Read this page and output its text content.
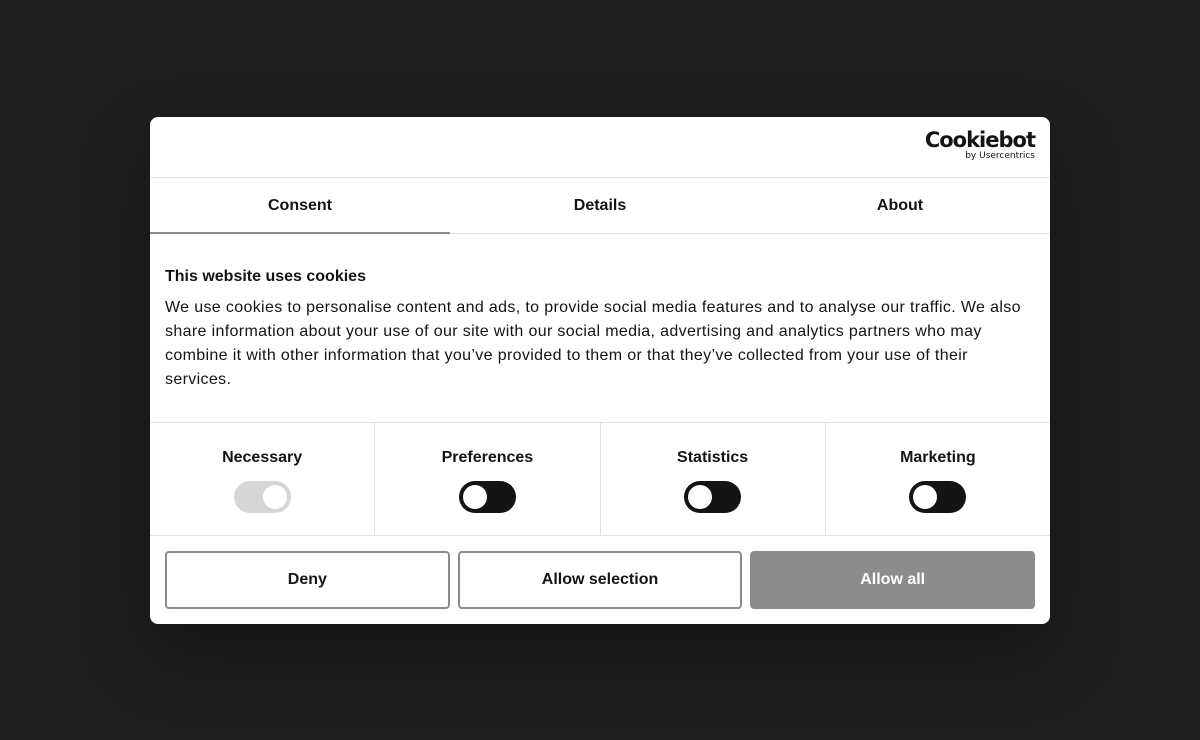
Cookiebot
by Usercentrics
Consent	Details	About
This website uses cookies

We use cookies to personalise content and ads, to provide social media features and to analyse our traffic. We also share information about your use of our site with our social media, advertising and analytics partners who may combine it with other information that you’ve provided to them or that they’ve collected from your use of their services.

Necessary	Preferences	Statistics	Marketing
Deny	Allow selection	Allow all
